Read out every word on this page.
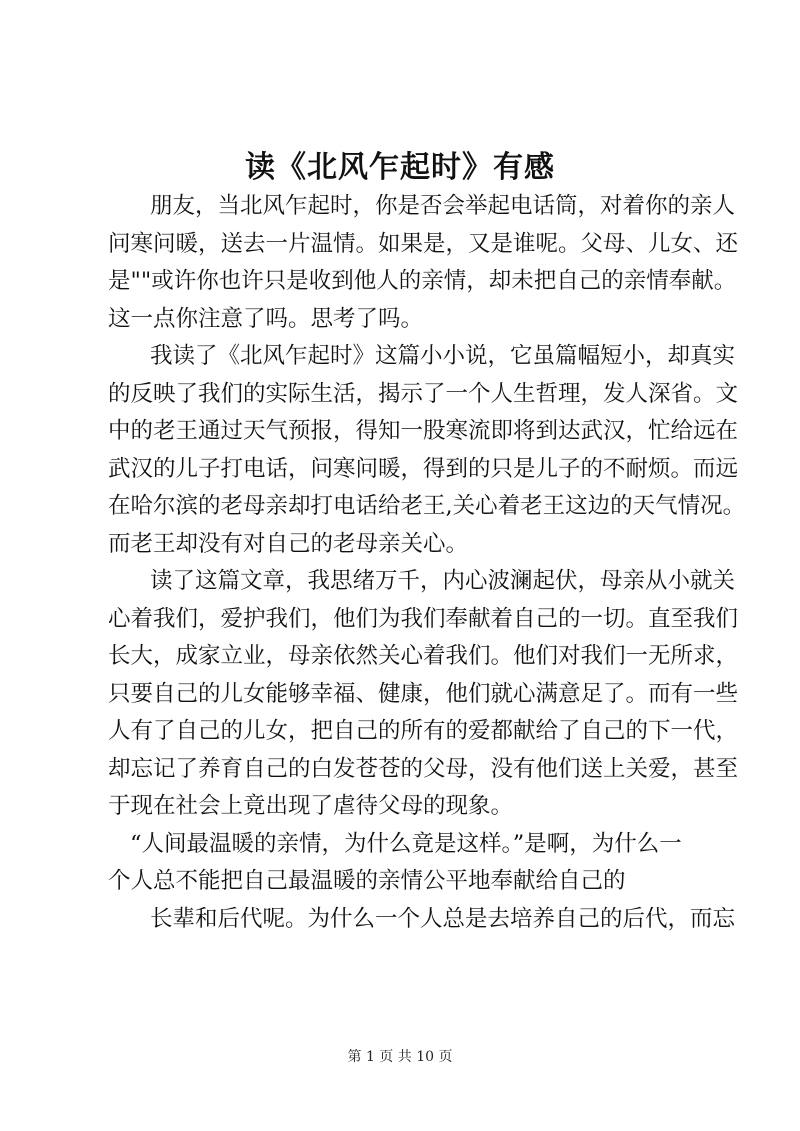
读《北风乍起时》有感
朋友，当北风乍起时，你是否会举起电话筒，对着你的亲人
问寒问暖，送去一片温情。如果是，又是谁呢。父母、儿女、还
是""或许你也许只是收到他人的亲情，却未把自己的亲情奉献。
这一点你注意了吗。思考了吗。
我读了《北风乍起时》这篇小小说，它虽篇幅短小，却真实
的反映了我们的实际生活，揭示了一个人生哲理，发人深省。文
中的老王通过天气预报，得知一股寒流即将到达武汉，忙给远在
武汉的儿子打电话，问寒问暖，得到的只是儿子的不耐烦。而远
在哈尔滨的老母亲却打电话给老王,关心着老王这边的天气情况。
而老王却没有对自己的老母亲关心。
读了这篇文章，我思绪万千，内心波澜起伏，母亲从小就关
心着我们，爱护我们，他们为我们奉献着自己的一切。直至我们
长大，成家立业，母亲依然关心着我们。他们对我们一无所求，
只要自己的儿女能够幸福、健康，他们就心满意足了。而有一些
人有了自己的儿女，把自己的所有的爱都献给了自己的下一代，
却忘记了养育自己的白发苍苍的父母，没有他们送上关爱，甚至
于现在社会上竟出现了虐待父母的现象。
“人间最温暖的亲情，为什么竟是这样。”是啊，为什么一
个人总不能把自己最温暖的亲情公平地奉献给自己的
长辈和后代呢。为什么一个人总是去培养自己的后代，而忘
第 1 页 共 10 页
